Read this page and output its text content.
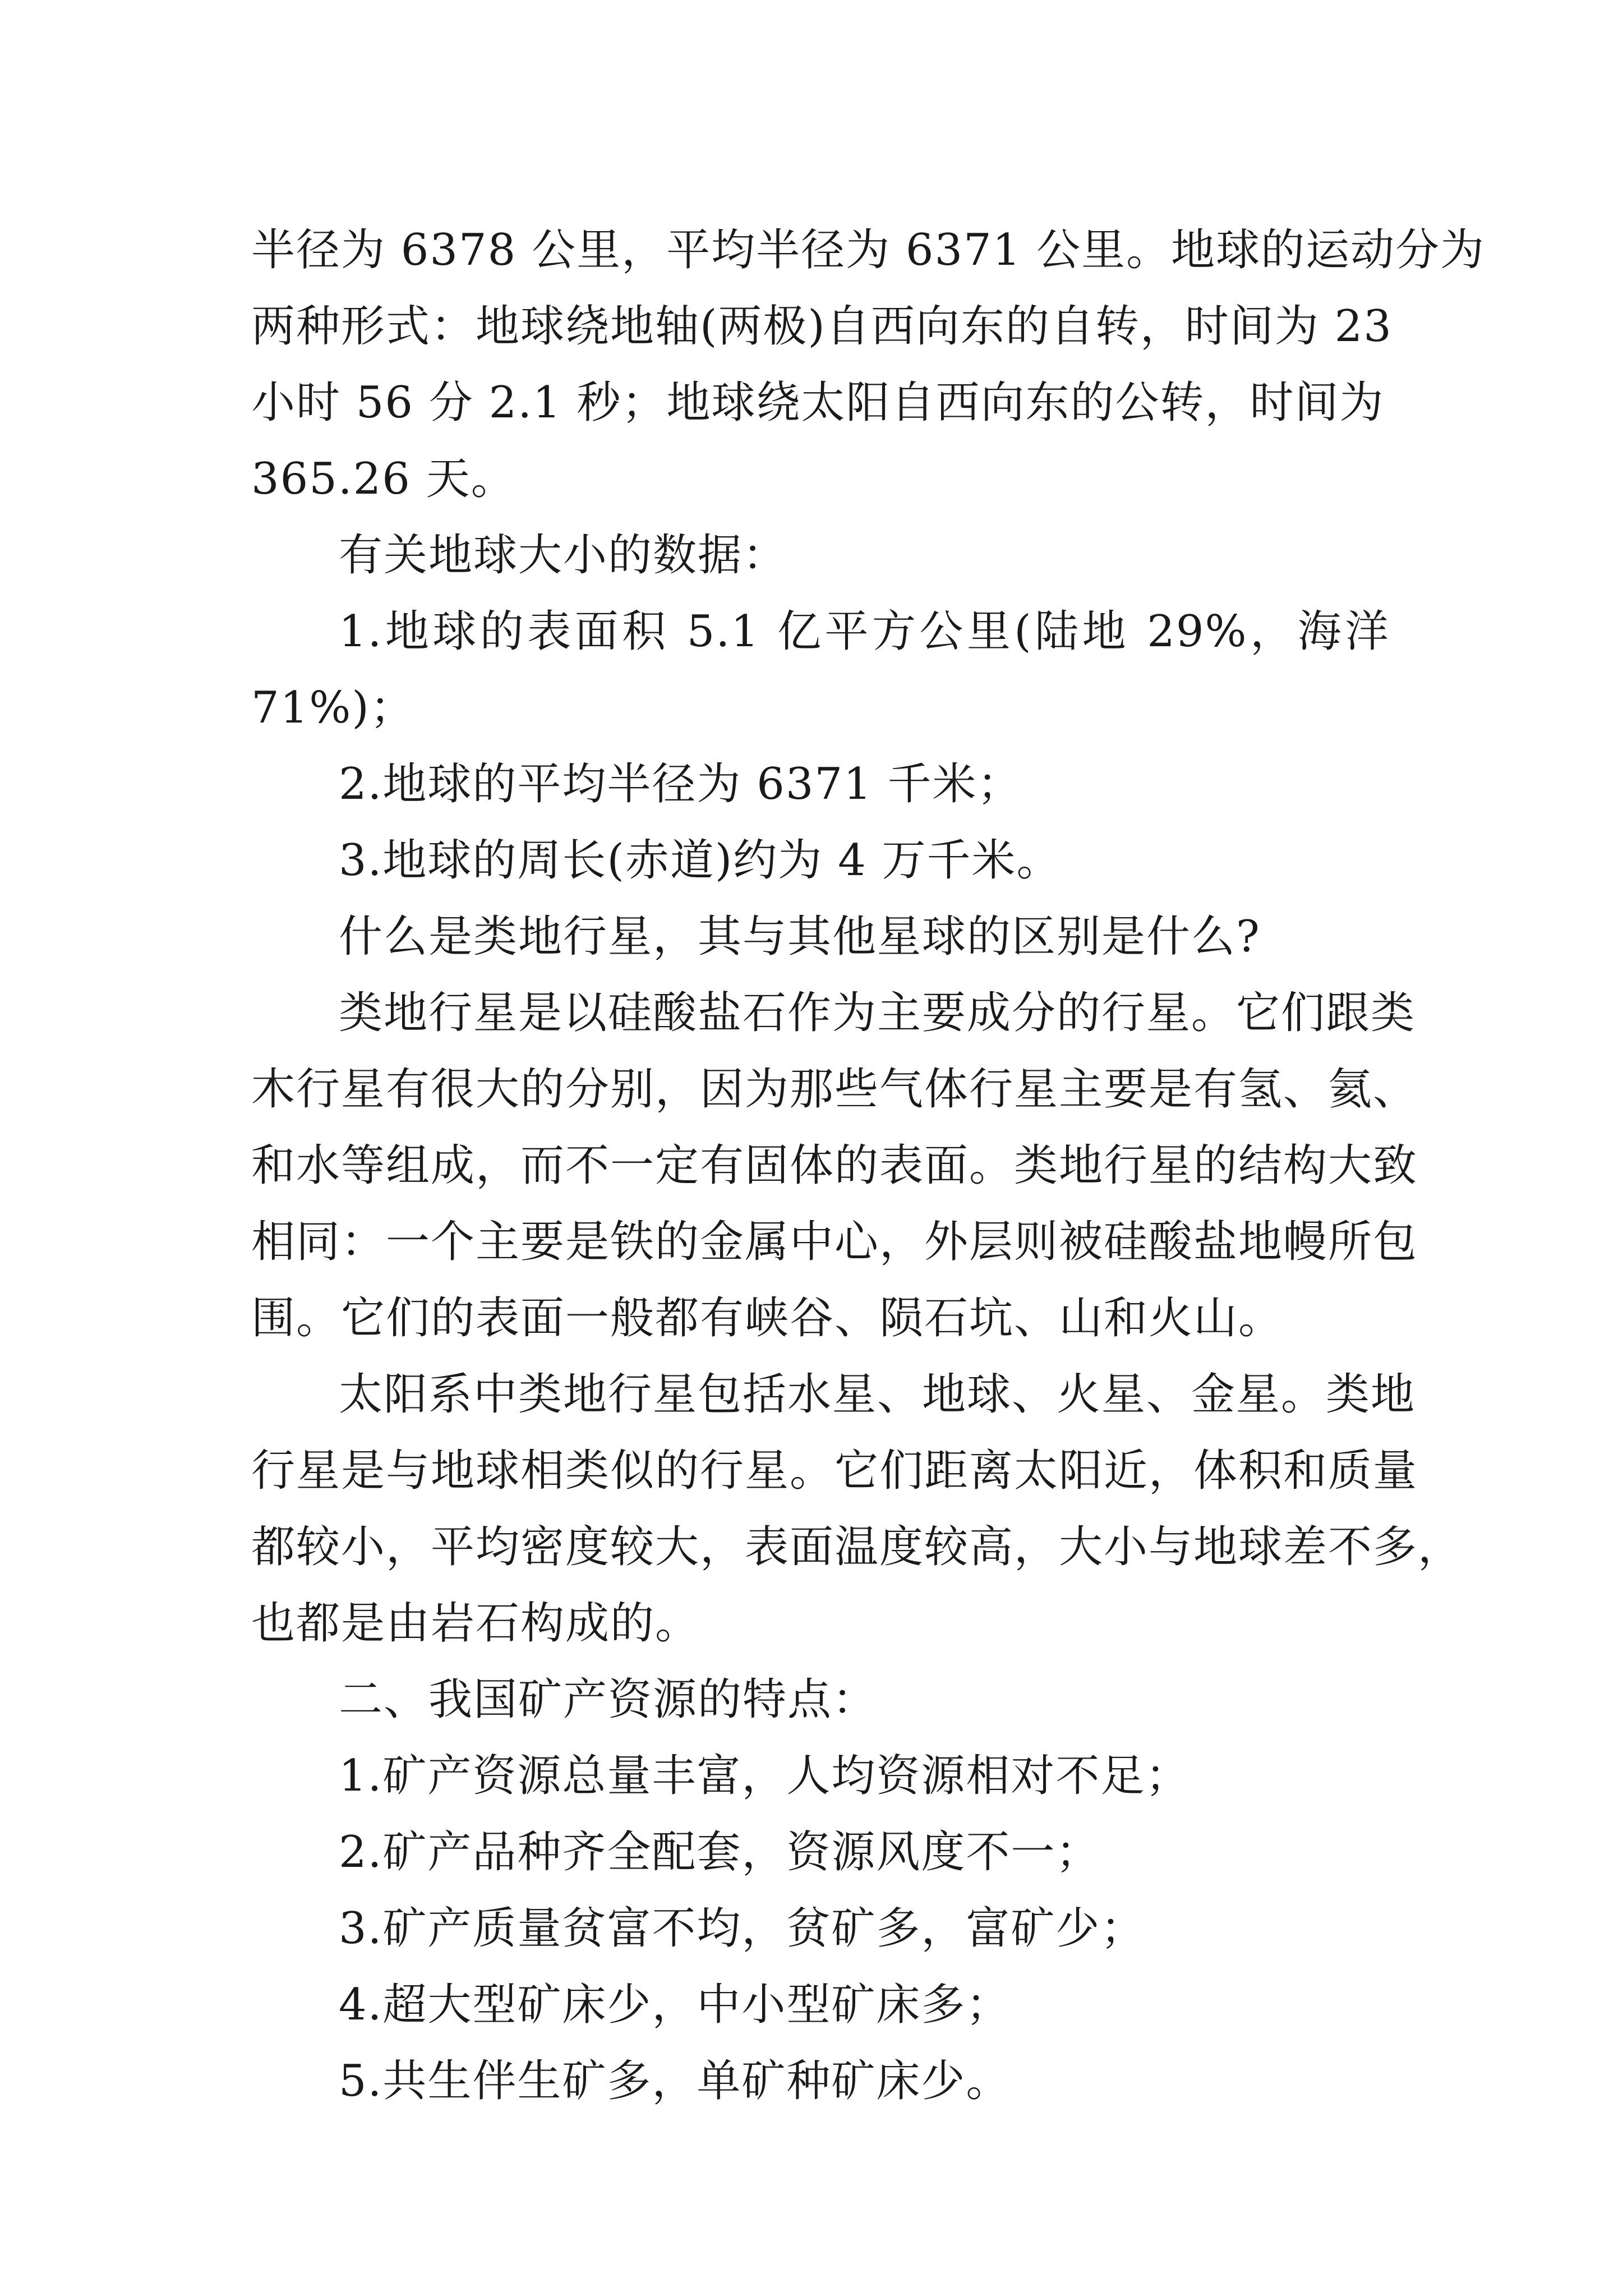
半径为 6378 公里，平均半径为 6371 公里。地球的运动分为
两种形式：地球绕地轴(两极)自西向东的自转，时间为 23
小时 56 分 2.1 秒；地球绕太阳自西向东的公转，时间为
365.26 天。
有关地球大小的数据：
1.地球的表面积 5.1 亿平方公里(陆地 29%，海洋 71%)；
2.地球的平均半径为 6371 千米；
3.地球的周长(赤道)约为 4 万千米。
什么是类地行星，其与其他星球的区别是什么?
类地行星是以硅酸盐石作为主要成分的行星。它们跟类
木行星有很大的分别，因为那些气体行星主要是有氢、氦、
和水等组成，而不一定有固体的表面。类地行星的结构大致
相同：一个主要是铁的金属中心，外层则被硅酸盐地幔所包
围。它们的表面一般都有峡谷、陨石坑、山和火山。
太阳系中类地行星包括水星、地球、火星、金星。类地
行星是与地球相类似的行星。它们距离太阳近，体积和质量
都较小，平均密度较大，表面温度较高，大小与地球差不多，
也都是由岩石构成的。
二、我国矿产资源的特点：
1.矿产资源总量丰富，人均资源相对不足；
2.矿产品种齐全配套，资源风度不一；
3.矿产质量贫富不均，贫矿多，富矿少；
4.超大型矿床少，中小型矿床多；
5.共生伴生矿多，单矿种矿床少。
